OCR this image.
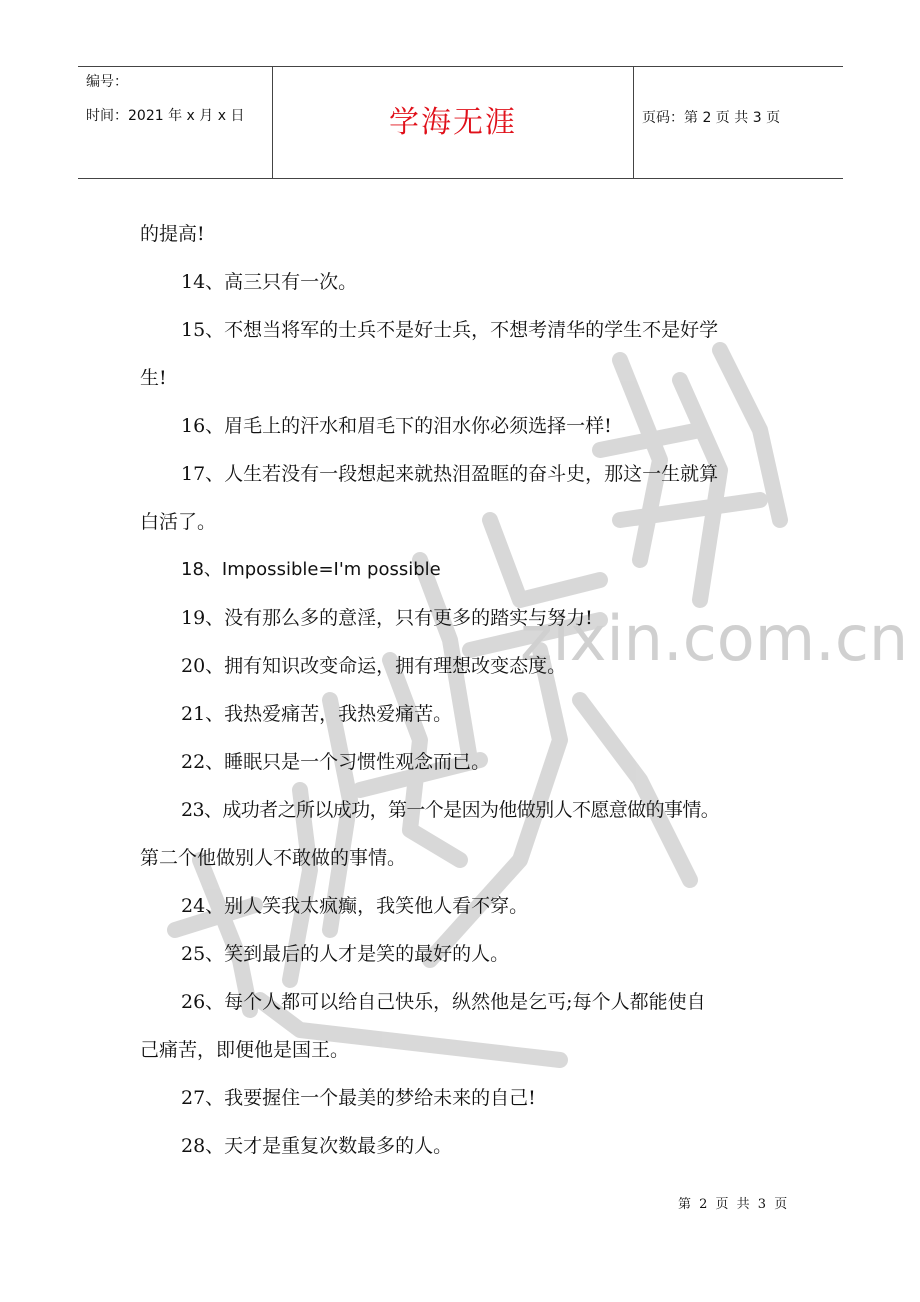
编号：
时间：2021 年 x 月 x 日	学海无涯	页码：第 2 页 共 3 页
zixin.com.cn

的提高!

14、高三只有一次。

15、不想当将军的士兵不是好士兵，不想考清华的学生不是好学

生!

16、眉毛上的汗水和眉毛下的泪水你必须选择一样!

17、人生若没有一段想起来就热泪盈眶的奋斗史，那这一生就算

白活了。

18、Impossible=I'm possible

19、没有那么多的意淫，只有更多的踏实与努力!

20、拥有知识改变命运，拥有理想改变态度。

21、我热爱痛苦，我热爱痛苦。

22、睡眠只是一个习惯性观念而已。

23、成功者之所以成功，第一个是因为他做别人不愿意做的事情。

第二个他做别人不敢做的事情。

24、别人笑我太疯癫，我笑他人看不穿。

25、笑到最后的人才是笑的最好的人。

26、每个人都可以给自己快乐，纵然他是乞丐;每个人都能使自

己痛苦，即便他是国王。

27、我要握住一个最美的梦给未来的自己!

28、天才是重复次数最多的人。

第 2 页 共 3 页
